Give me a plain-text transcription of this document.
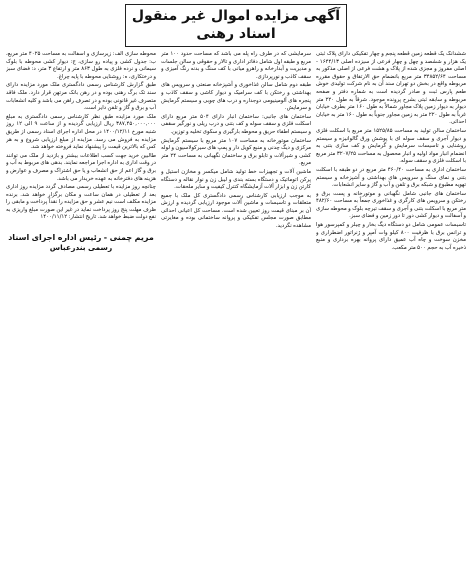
آگهی مزایده اموال غیر منقول اسناد رهنی

ششدانگ یک قطعه زمین قطعه پنجم و چهار تفکیکی دارای پلاک ثبتی یک هزار و ششصد و چهل و چهار فرعی از سیزده اصلی ۱۶۴۴/۱۳ - اصلی مفروز و مجزی شده از پلاک و هشت فرعی از اصلی مذکور به مساحت ۳۴۸۵۲/۶۴ متر مربع بانضمام حق الارتفاق و حقوق مقرره مربوطه واقع در بخش دو تهران سند آن به نام شرکت تولیدی خوش طعم پارس ثبت و صادر گردیده است به شماره دفتر و صفحه مربوطه و سابقه ثبتی بشرح پرونده موجود. شرقاً به طول ۲۲۰ متر دیوار به دیوار زمین پلاک مجاور شمالاً به طول ۱۶۰ متر بطرف خیابان غرباً به طول ۲۲۰ متر به زمین مجاور جنوباً به طول ۱۶۰ متر به خیابان احداثی.

ساختمان سالن تولید به مساحت ۱۵۲۵/۸۵ متر مربع با اسکلت فلزی و دیوار آجری و سقف سوله ای با پوشش ورق گالوانیزه و سیستم روشنایی و تاسیسات سرمایش و گرمایش و کف سازی بتنی به انضمام انبار مواد اولیه و انبار محصول به مساحت ۳۲۰۷/۲۵ متر مربع با اسکلت فلزی و سقف سوله.

ساختمان اداری به مساحت ۴۶۰/۴۰ متر مربع در دو طبقه با اسکلت بتنی و نمای سنگ و سرویس های بهداشتی و آشپزخانه و سیستم تهویه مطبوع و شبکه برق و تلفن و آب و گاز و سایر انشعابات.

ساختمان های جانبی شامل نگهبانی و موتورخانه و پست برق و رختکن و سرویس های کارگری و غذاخوری جمعاً به مساحت ۴۸۲/۶۰ متر مربع با اسکلت بتنی و آجری و سقف تیرچه بلوک و محوطه سازی و آسفالت و دیوار کشی دور تا دور زمین و فضای سبز.

تاسیسات عمومی شامل دو دستگاه دیگ بخار و چیلر و کمپرسور هوا و ترانس برق با ظرفیت ۸۰۰ کیلو وات آمپر و ژنراتور اضطراری و مخزن سوخت و چاه آب عمیق دارای پروانه بهره برداری و منبع ذخیره آب به حجم ۵۰۰ متر مکعب.

سرمایشی که در طرف راه پله می باشد که مساحت حدود ۱۰۰ متر مربع و طبقه اول شامل دفاتر اداری و تالار و حقوقی و سالن جلسات و مدیریت و آبدارخانه و راهرو میانی با کف سنگ و بدنه رنگ آمیزی و سقف کاذب و نورپردازی.

طبقه دوم شامل سالن غذاخوری و آشپزخانه صنعتی و سرویس های بهداشتی و رختکن با کف سرامیک و دیوار کاشی و سقف کاذب و پنجره های آلومینیومی دوجداره و درب های چوبی و سیستم گرمایش و سرمایش.

ساختمان های جانبی: ساختمان انبار دارای ۵۰۴ متر مربع دارای اسکلت فلزی و سقف سوله و کف بتنی و درب ریلی و نورگیر سقفی و سیستم اطفاء حریق و محوطه بارگیری و سکوی تخلیه و توزین.

ساختمان موتورخانه به مساحت ۱۰۷ متر مربع با سیستم گرمایش مرکزی و دیگ چدنی و منبع کویل دار و پمپ های سیرکولاسیون و لوله کشی و شیرآلات و تابلو برق و ساختمان نگهبانی به مساحت ۲۴ متر مربع.

ماشین آلات و تجهیزات خط تولید شامل میکسر و مخازن استیل و پرکن اتوماتیک و دستگاه بسته بندی و لیبل زن و نوار نقاله و دستگاه کارتن زن و ابزار آلات آزمایشگاه کنترل کیفیت و سایر ملحقات.

به موجب ارزیابی کارشناس رسمی دادگستری کل ملک با جمیع متعلقات و تاسیسات و ماشین آلات موجود ارزیابی گردیده و ارزش آن بر مبنای قیمت روز تعیین شده است. مساحت کل اعیانی احداثی مطابق صورت مجلس تفکیکی و پروانه ساختمانی بوده و مغایرتی مشاهده نگردید.

محوطه سازی الف: زیرسازی و آسفالت به مساحت ۴۰۲۵ متر مربع، ب: جدول کشی و پیاده رو سازی، ج: دیوار کشی محوطه با بلوک سیمانی و نرده فلزی به طول ۸۶۳ متر و ارتفاع ۳ متر، د: فضای سبز و درختکاری، ه: روشنایی محوطه با پایه چراغ.

طبق گزارش کارشناس رسمی دادگستری ملک مورد مزایده دارای سند تک برگ رهنی بوده و در رهن بانک مرتهن قرار دارد. ملک فاقد متصرف غیر قانونی بوده و در تصرف راهن می باشد و کلیه انشعابات آب و برق و گاز و تلفن دایر است.

ملک مورد مزایده طبق نظر کارشناس رسمی دادگستری به مبلغ ۳۸۷,۴۵۰,۰۰۰,۰۰۰ ریال ارزیابی گردیده و از ساعت ۹ الی ۱۲ روز شنبه مورخ ۱۴۰۰/۱۲/۱۱ در محل اداره اجرای اسناد رسمی از طریق مزایده به فروش می رسد. مزایده از مبلغ ارزیابی شروع و به هر کس که بالاترین قیمت را پیشنهاد نماید فروخته خواهد شد.

طالبین خرید جهت کسب اطلاعات بیشتر و بازدید از ملک می توانند در وقت اداری به اداره اجرا مراجعه نمایند. بدهی های مربوط به آب و برق و گاز اعم از حق انشعاب و یا حق اشتراک و مصرف و عوارض و هزینه های دفترخانه به عهده خریدار می باشد.

چنانچه روز مزایده با تعطیلی رسمی مصادف گردد مزایده روز اداری بعد از تعطیلی در همان ساعت و مکان برگزار خواهد شد. برنده مزایده مکلف است نیم عشر و حق مزایده را نقداً پرداخت و مابقی را ظرف مهلت پنج روز پرداخت نماید در غیر این صورت مبلغ واریزی به نفع دولت ضبط خواهد شد. تاریخ انتشار: ۱۴۰۰/۱۱/۱۲

مریم چمنی - رئیس اداره اجرای اسناد
رسمی بندرعباس
